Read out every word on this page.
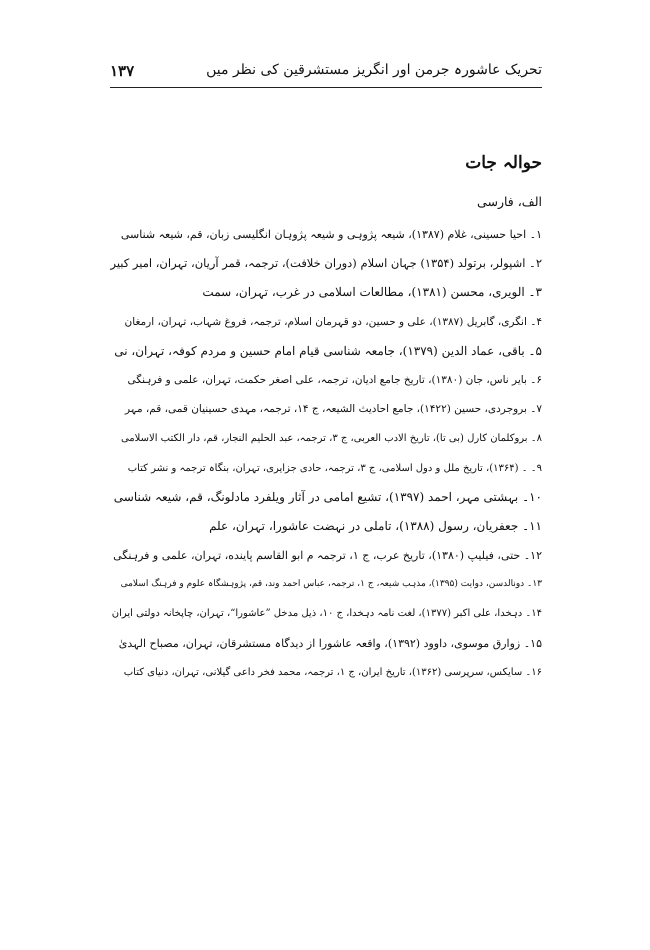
۱۳۷	تحریک عاشورہ جرمن اور انگریز مستشرقین کی نظر میں
حوالہ جات

الف، فارسی

۱۔ احیا حسینی، غلام (۱۳۸۷)، شیعہ پژوہی و شیعہ پژوہان انگلیسی زبان، قم، شیعہ شناسی
۲۔ اشپولر، برتولد (۱۳۵۴) جہان اسلام (دوران خلافت)، ترجمہ، قمر آریان، تہران، امیر کبیر
۳۔ الویری، محسن (۱۳۸۱)، مطالعات اسلامی در غرب، تہران، سمت
۴۔ انگری، گابریل (۱۳۸۷)، علی و حسین، دو قہرمان اسلام، ترجمہ، فروغ شہاب، تہران، ارمغان
۵۔ باقی، عماد الدین (۱۳۷۹)، جامعہ شناسی قیام امام حسین و مردم کوفہ، تہران، نی
۶۔ بایر ناس، جان (۱۳۸۰)، تاریخ جامع ادیان، ترجمہ، علی اصغر حکمت، تہران، علمی و فرہنگی
۷۔ بروجردی، حسین (۱۴۲۲)، جامع احادیث الشیعہ، ج ۱۴، ترجمہ، مہدی حسینیان قمی، قم، مہر
۸۔ بروکلمان کارل (بی تا)، تاریخ الادب العربی، ج ۳، ترجمہ، عبد الحلیم النجار، قم، دار الکتب الاسلامی
۹۔ ۔ (۱۳۶۴)، تاریخ ملل و دول اسلامی، ج ۳، ترجمہ، حادی جزایری، تہران، بنگاہ ترجمہ و نشر کتاب
۱۰۔ بہشتی مہر، احمد (۱۳۹۷)، تشیع امامی در آثار ویلفرد مادلونگ، قم، شیعہ شناسی
۱۱۔ جعفریان، رسول (۱۳۸۸)، تاملی در نہضت عاشورا، تہران، علم
۱۲۔ حتی، فیلیپ (۱۳۸۰)، تاریخ عرب، ج ۱، ترجمہ م ابو القاسم پاینده، تہران، علمی و فرہنگی
۱۳۔ دونالدسن، دوایت (۱۳۹۵)، مذہب شیعہ، ج ۱، ترجمہ، عباس احمد وند، قم، پژوہشگاہ علوم و فرہنگ اسلامی
۱۴۔ دہخدا، علی اکبر (۱۳۷۷)، لغت نامہ دہخدا، ج ۱۰، ذیل مدخل ”عاشورا“، تہران، چاپخانہ دولتی ایران
۱۵۔ زوارق موسوی، داوود (۱۳۹۲)، واقعہ عاشورا از دیدگاہ مستشرقان، تہران، مصباح الہدیٰ
۱۶۔ سایکس، سرپرسی (۱۳۶۲)، تاریخ ایران، ج ۱، ترجمہ، محمد فخر داعی گیلانی، تہران، دنیای کتاب
